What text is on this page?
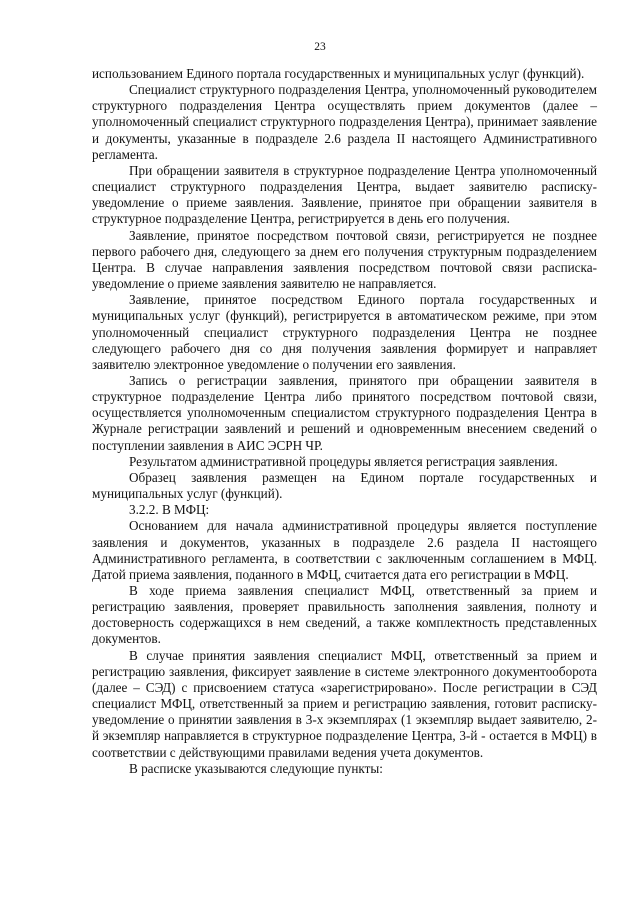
23

использованием Единого портала государственных и муниципальных услуг (функций).

Специалист структурного подразделения Центра, уполномоченный руководителем структурного подразделения Центра осуществлять прием документов (далее – уполномоченный специалист структурного подразделения Центра), принимает заявление и документы, указанные в подразделе 2.6 раздела II настоящего Административного регламента.

При обращении заявителя в структурное подразделение Центра уполномоченный специалист структурного подразделения Центра, выдает заявителю расписку-уведомление о приеме заявления. Заявление, принятое при обращении заявителя в структурное подразделение Центра, регистрируется в день его получения.

Заявление, принятое посредством почтовой связи, регистрируется не позднее первого рабочего дня, следующего за днем его получения структурным подразделением Центра. В случае направления заявления посредством почтовой связи расписка-уведомление о приеме заявления заявителю не направляется.

Заявление, принятое посредством Единого портала государственных и муниципальных услуг (функций), регистрируется в автоматическом режиме, при этом уполномоченный специалист структурного подразделения Центра не позднее следующего рабочего дня со дня получения заявления формирует и направляет заявителю электронное уведомление о получении его заявления.

Запись о регистрации заявления, принятого при обращении заявителя в структурное подразделение Центра либо принятого посредством почтовой связи, осуществляется уполномоченным специалистом структурного подразделения Центра в Журнале регистрации заявлений и решений и одновременным внесением сведений о поступлении заявления в АИС ЭСРН ЧР.

Результатом административной процедуры является регистрация заявления.

Образец заявления размещен на Едином портале государственных и муниципальных услуг (функций).

3.2.2. В МФЦ:

Основанием для начала административной процедуры является поступление заявления и документов, указанных в подразделе 2.6 раздела II настоящего Административного регламента, в соответствии с заключенным соглашением в МФЦ. Датой приема заявления, поданного в МФЦ, считается дата его регистрации в МФЦ.

В ходе приема заявления специалист МФЦ, ответственный за прием и регистрацию заявления, проверяет правильность заполнения заявления, полноту и достоверность содержащихся в нем сведений, а также комплектность представленных документов.

В случае принятия заявления специалист МФЦ, ответственный за прием и регистрацию заявления, фиксирует заявление в системе электронного документооборота (далее – СЭД) с присвоением статуса «зарегистрировано». После регистрации в СЭД специалист МФЦ, ответственный за прием и регистрацию заявления, готовит расписку-уведомление о принятии заявления в 3-х экземплярах (1 экземпляр выдает заявителю, 2-й экземпляр направляется в структурное подразделение Центра, 3-й - остается в МФЦ) в соответствии с действующими правилами ведения учета документов.

В расписке указываются следующие пункты:
